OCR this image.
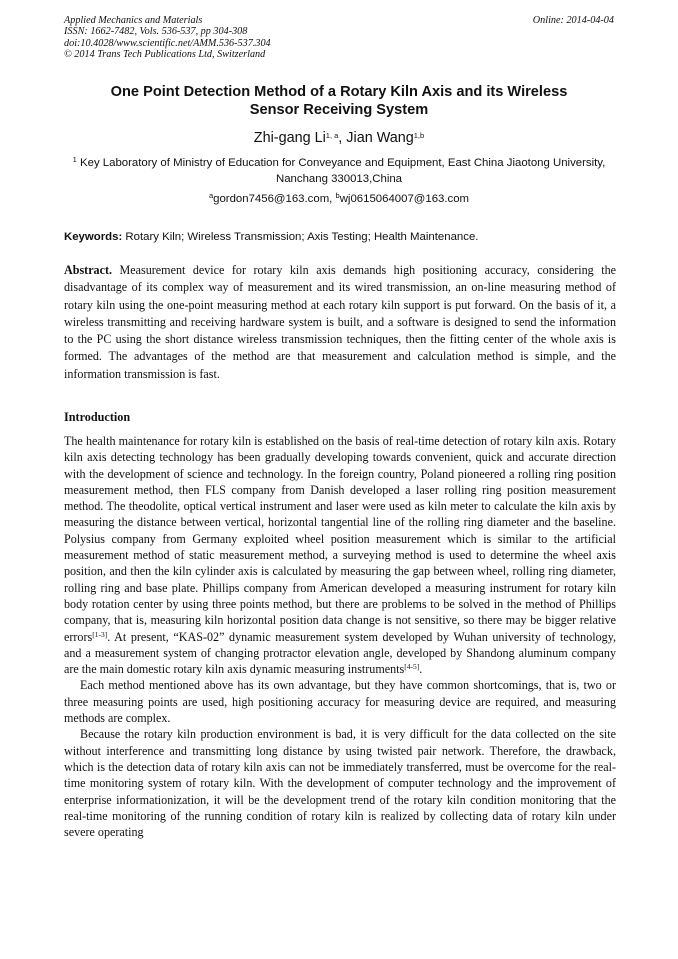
Applied Mechanics and Materials
ISSN: 1662-7482, Vols. 536-537, pp 304-308
doi:10.4028/www.scientific.net/AMM.536-537.304
© 2014 Trans Tech Publications Ltd, Switzerland
Online: 2014-04-04
One Point Detection Method of a Rotary Kiln Axis and its Wireless
Sensor Receiving System
Zhi-gang Li$^{1, a}$, Jian Wang$^{1,b}$
$^1$ Key Laboratory of Ministry of Education for Conveyance and Equipment, East China Jiaotong University, Nanchang 330013,China
$^a$gordon7456@163.com, $^b$wj0615064007@163.com
Keywords: Rotary Kiln; Wireless Transmission; Axis Testing; Health Maintenance.
Abstract. Measurement device for rotary kiln axis demands high positioning accuracy, considering the disadvantage of its complex way of measurement and its wired transmission, an on-line measuring method of rotary kiln using the one-point measuring method at each rotary kiln support is put forward. On the basis of it, a wireless transmitting and receiving hardware system is built, and a software is designed to send the information to the PC using the short distance wireless transmission techniques, then the fitting center of the whole axis is formed. The advantages of the method are that measurement and calculation method is simple, and the information transmission is fast.
Introduction

The health maintenance for rotary kiln is established on the basis of real-time detection of rotary kiln axis. Rotary kiln axis detecting technology has been gradually developing towards convenient, quick and accurate direction with the development of science and technology. In the foreign country, Poland pioneered a rolling ring position measurement method, then FLS company from Danish developed a laser rolling ring position measurement method. The theodolite, optical vertical instrument and laser were used as kiln meter to calculate the kiln axis by measuring the distance between vertical, horizontal tangential line of the rolling ring diameter and the baseline. Polysius company from Germany exploited wheel position measurement which is similar to the artificial measurement method of static measurement method, a surveying method is used to determine the wheel axis position, and then the kiln cylinder axis is calculated by measuring the gap between wheel, rolling ring diameter, rolling ring and base plate. Phillips company from American developed a measuring instrument for rotary kiln body rotation center by using three points method, but there are problems to be solved in the method of Phillips company, that is, measuring kiln horizontal position data change is not sensitive, so there may be bigger relative errors[1-3]. At present, “KAS-02” dynamic measurement system developed by Wuhan university of technology, and a measurement system of changing protractor elevation angle, developed by Shandong aluminum company are the main domestic rotary kiln axis dynamic measuring instruments[4-5].

Each method mentioned above has its own advantage, but they have common shortcomings, that is, two or three measuring points are used, high positioning accuracy for measuring device are required, and measuring methods are complex.

Because the rotary kiln production environment is bad, it is very difficult for the data collected on the site without interference and transmitting long distance by using twisted pair network. Therefore, the drawback, which is the detection data of rotary kiln axis can not be immediately transferred, must be overcome for the real-time monitoring system of rotary kiln. With the development of computer technology and the improvement of enterprise informationization, it will be the development trend of the rotary kiln condition monitoring that the real-time monitoring of the running condition of rotary kiln is realized by collecting data of rotary kiln under severe operating
